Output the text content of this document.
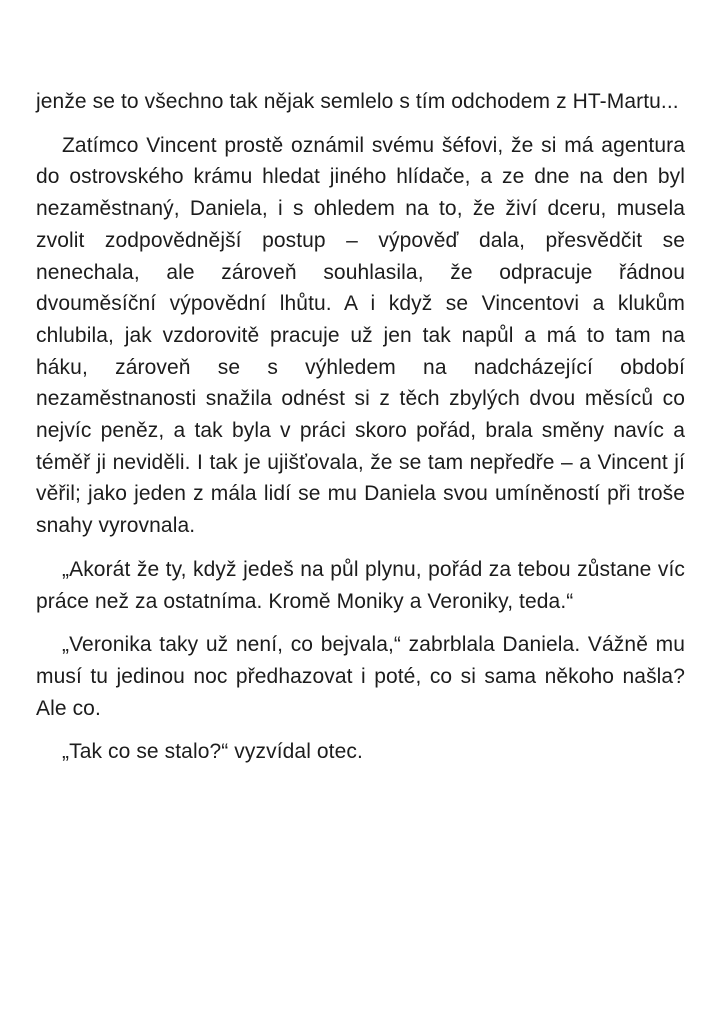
jenže se to všechno tak nějak semlelo s tím odchodem z HT-Martu...

Zatímco Vincent prostě oznámil svému šéfovi, že si má agentura do ostrovského krámu hledat jiného hlídače, a ze dne na den byl nezaměstnaný, Daniela, i s ohledem na to, že živí dceru, musela zvolit zodpovědnější postup – výpověď dala, přesvědčit se nenechala, ale zároveň souhlasila, že odpracuje řádnou dvouměsíční výpovědní lhůtu. A i když se Vincentovi a klukům chlubila, jak vzdorovitě pracuje už jen tak napůl a má to tam na háku, zároveň se s výhledem na nadcházející období nezaměstnanosti snažila odnést si z těch zbylých dvou měsíců co nejvíc peněz, a tak byla v práci skoro pořád, brala směny navíc a téměř ji neviděli. I tak je ujišťovala, že se tam nepředře – a Vincent jí věřil; jako jeden z mála lidí se mu Daniela svou umíněností při troše snahy vyrovnala.

„Akorát že ty, když jedeš na půl plynu, pořád za tebou zůstane víc práce než za ostatníma. Kromě Moniky a Veroniky, teda.“

„Veronika taky už není, co bejvala,“ zabrblala Daniela. Vážně mu musí tu jedinou noc předhazovat i poté, co si sama někoho našla? Ale co.

„Tak co se stalo?“ vyzvídal otec.
